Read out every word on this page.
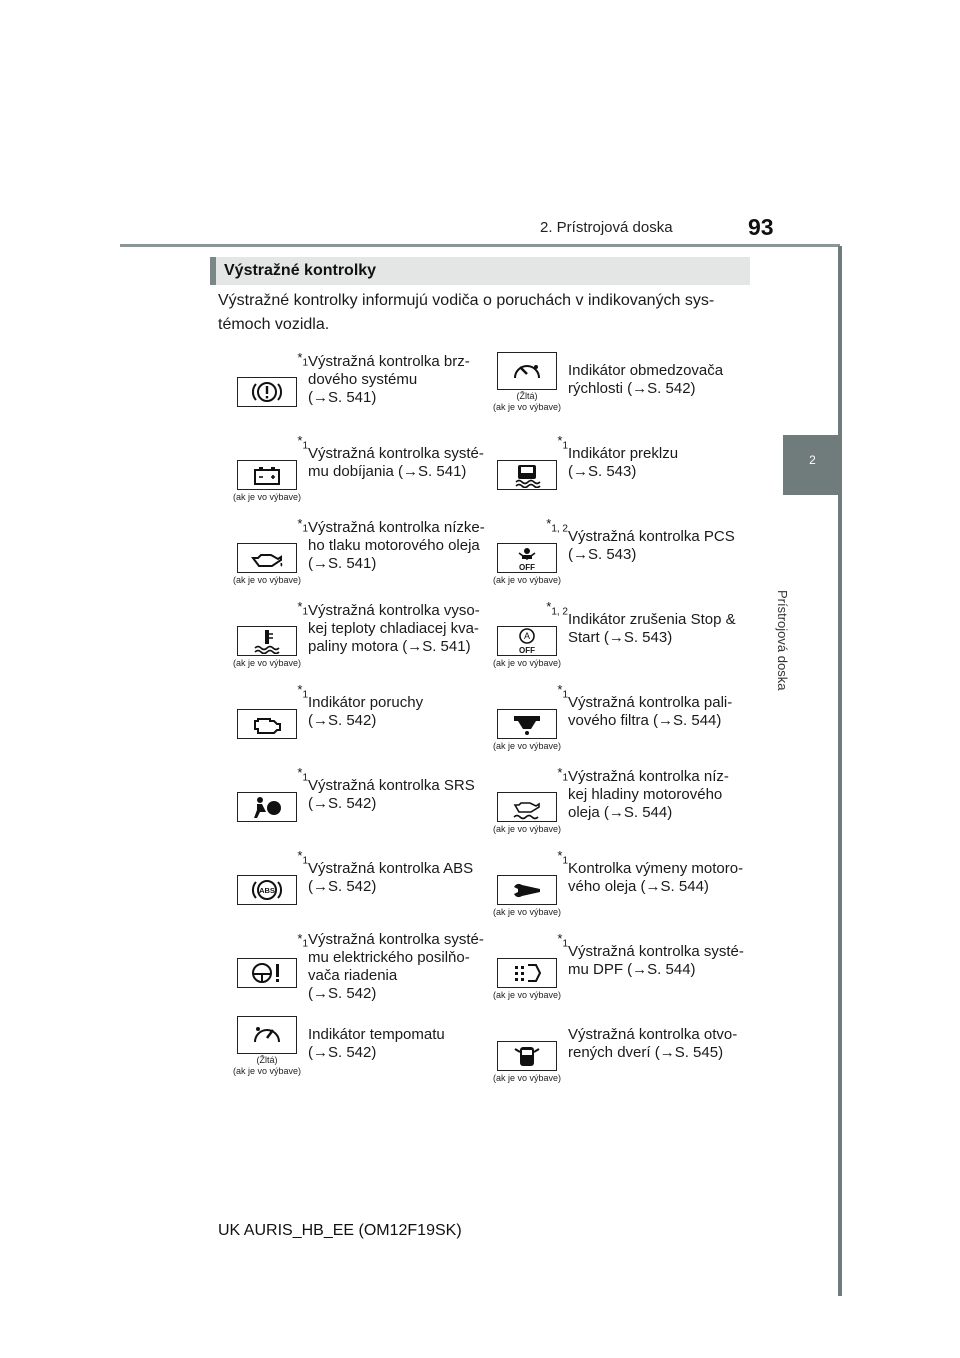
2. Prístrojová doska	93
2
Prístrojová doska
Výstražné kontrolky
Výstražné kontrolky informujú vodiča o poruchách v indikovaných sys-
témoch vozidla.
$*_1$ Výstražná kontrolka brz-
dového systému
(→S. 541)	(Žltá)
(ak je vo výbave)
Indikátor obmedzovača
rýchlosti (→S. 542)
$*_1$
(ak je vo výbave)
Výstražná kontrolka systé-
mu dobíjania (→S. 541)
$*_1$ Indikátor preklzu
(→S. 543)
$*_1$
(ak je vo výbave)
Výstražná kontrolka nízke-
ho tlaku motorového oleja
(→S. 541)
$*_{1, 2}$
OFF
(ak je vo výbave)
Výstražná kontrolka PCS
(→S. 543)
$*_1$
(ak je vo výbave)
Výstražná kontrolka vyso-
kej teploty chladiacej kva-
paliny motora (→S. 541)
$*_{1, 2}$
A
OFF
(ak je vo výbave)
Indikátor zrušenia Stop &
Start (→S. 543)
$*_1$ Indikátor poruchy
(→S. 542)
$*_1$
(ak je vo výbave)
Výstražná kontrolka pali-
vového filtra (→S. 544)
$*_1$ Výstražná kontrolka SRS
(→S. 542)
$*_1$
(ak je vo výbave)
Výstražná kontrolka níz-
kej hladiny motorového
oleja (→S. 544)
$*_1$
ABS
Výstražná kontrolka ABS
(→S. 542)
$*_1$
(ak je vo výbave)
Kontrolka výmeny motoro-
vého oleja (→S. 544)
$*_1$ Výstražná kontrolka systé-
mu elektrického posilňo-
vača riadenia
(→S. 542)
$*_1$
(ak je vo výbave)
Výstražná kontrolka systé-
mu DPF (→S. 544)
(Žltá)
(ak je vo výbave)
Indikátor tempomatu
(→S. 542)
(ak je vo výbave)
Výstražná kontrolka otvo-
rených dverí (→S. 545)
UK AURIS_HB_EE (OM12F19SK)
